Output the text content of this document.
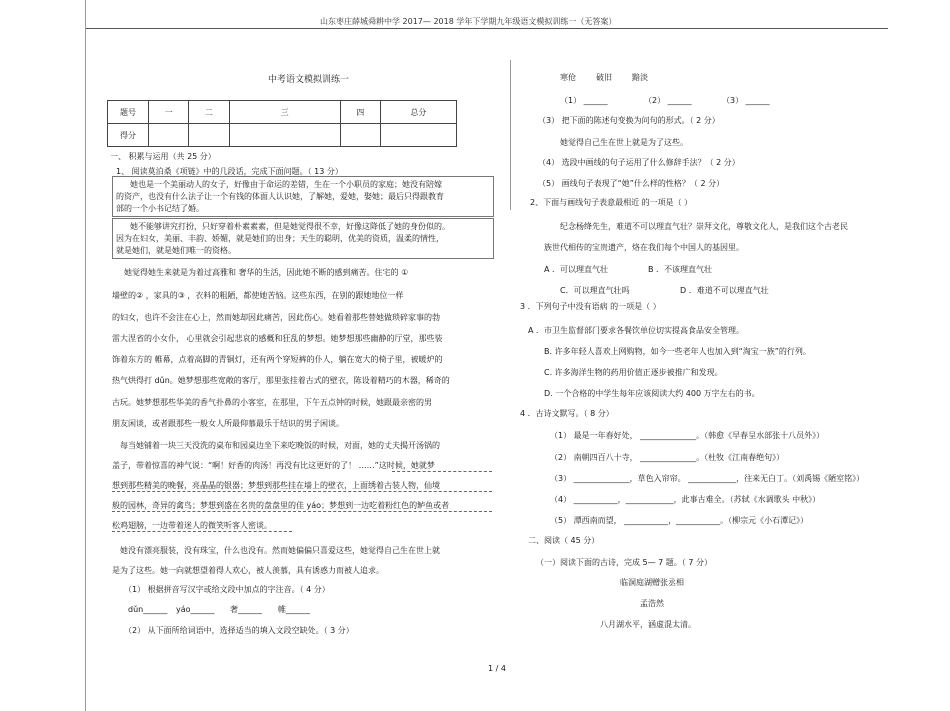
山东枣庄薛城舜耕中学 2017— 2018 学年下学期九年级语文模拟训练一（无答案）
中考语文模拟训练一
题号	一	二	三	四	总分
得分					
一、 积累与运用（共 25 分）
1、 阅读莫泊桑《项链》中的几段话，完成下面问题。（ 13 分）
她也是一个美丽动人的女子，好像由于命运的差错，生在一个小职员的家庭；她没有陪嫁
的资产，也没有什么法子让一个有钱的体面人认识她，了解她，爱她，娶她；最后只得跟教育
部的一个小书记结了婚。
她不能够讲究打扮，只好穿着朴素素素，但是她觉得很不幸，好像这降低了她的身份似的。
因为在妇女，美丽、丰韵、娇媚，就是她们的出身；天生的聪明，优美的资质，温柔的情性，
就是她们，就是她们唯一的资格。
她觉得她生来就是为着过高雅和 奢华的生活，因此她不断的感到痛苦。住宅的 ①
墙壁的② ，家具的③ ，衣料的粗陋，都使她苦恼。这些东西，在别的跟她地位一样
的妇女，也许不会注在心上，然而她却因此痛苦，因此伤心。她看着那些替她做琐碎家事的勃
雷大涅省的小女仆， 心里就会引起悲哀的感概和狂乱的梦想。她梦想那些幽静的厅堂，那些装
饰着东方的 帷幕，点着高脚的青铜灯，还有两个穿短裤的仆人，躺在宽大的椅子里，被暖炉的
热气烘得打 dǔn。她梦想那些宽敞的客厅，那里张挂着古式的壁衣，陈设着精巧的木器，稀奇的
古玩。她梦想那些华美的香气扑鼻的小客室，在那里，下午五点钟的时候，她跟最亲密的男
朋友闲谈，或者跟那些一般女人所最仰慕最乐于结识的男子闲谈。
每当她铺着一块三天没洗的桌布和园桌边坐下来吃晚饭的时候，对面，她的丈夫揭开汤锅的
盖子，带着惊喜的神气说：“啊！好香的肉汤！再没有比这更好的了！ ……”这时候，她就梦
想到那些精美的晚餐，亮晶晶的银器；梦想到那些挂在墙上的壁衣，上面绣着古装人物，仙境
般的园林，奇异的禽鸟；梦想到盛在名贵的盘盘里的佳 yáo；梦想到一边吃着粉红色的鲈鱼或者
松鸡翅膀，一边带着迷人的微笑听客人密谈。
她没有漂亮服装，没有珠宝，什么也没有。然而她偏偏只喜爱这些，她觉得自己生在世上就
是为了这些。她一向就想望着得人欢心，被人羡慕，具有诱惑力而被人追求。
（1） 根据拼音写汉字或给文段中加点的字注音。（ 4 分）
dǔn______ yáo______ 奢______ 帷______
（2） 从下面所给词语中，选择适当的填入文段空缺处。（ 3 分）
寒伧	破旧	黯淡
（1） ______	（2） ______	（3） ______
（3） 把下面的陈述句变换为问句的形式。（ 2 分）
她觉得自己生在世上就是为了这些。
（4） 选段中画线的句子运用了什么修辞手法？（ 2 分）
（5） 画线句子表现了“她”什么样的性格？（ 2 分）
2、下面与画线句子表意最相近 的一项是（ ）
纪念杨绛先生，难道不可以理直气壮？崇拜文化，尊敬文化人，是我们这个古老民
族世代相传的宝贵遗产，烙在我们每个中国人的基因里。
A ．可以理直气壮	B ．不该理直气壮
C．可以理直气壮吗	D ．难道不可以理直气壮
3 ．下列句子中没有语病 的一项是（ ）
A ．市卫生监督部门要求各餐饮单位切实提高食品安全管理。
B. 许多年轻人喜欢上网购物，如今一些老年人也加入到“淘宝一族”的行列。
C. 许多海洋生物的药用价值正逐步被推广和发现。
D. 一个合格的中学生每年应该阅读大约 400 万字左右的书。
4 ．古诗文默写。（ 8 分）
（1） 最是一年春好处， ______________。（韩愈《早春呈水部张十八员外》）
（2） 南朝四百八十寺， ______________。（杜牧《江南春绝句》）
（3） ______________，草色入帘帘。 ____________，往来无白丁。（刘禹锡《陋室铭》）
（4） ___________，____________，此事古难全。（苏轼《水调歌头 中秋》）
（5） 潭西南而望， ___________，___________。（柳宗元《小石潭记》）
二、阅读（ 45 分）
（一）阅读下面的古诗，完成 5— 7 题。（ 7 分）
临洞庭湖赠张丞相
孟浩然
八月湖水平，涵虚混太清。
1 / 4
